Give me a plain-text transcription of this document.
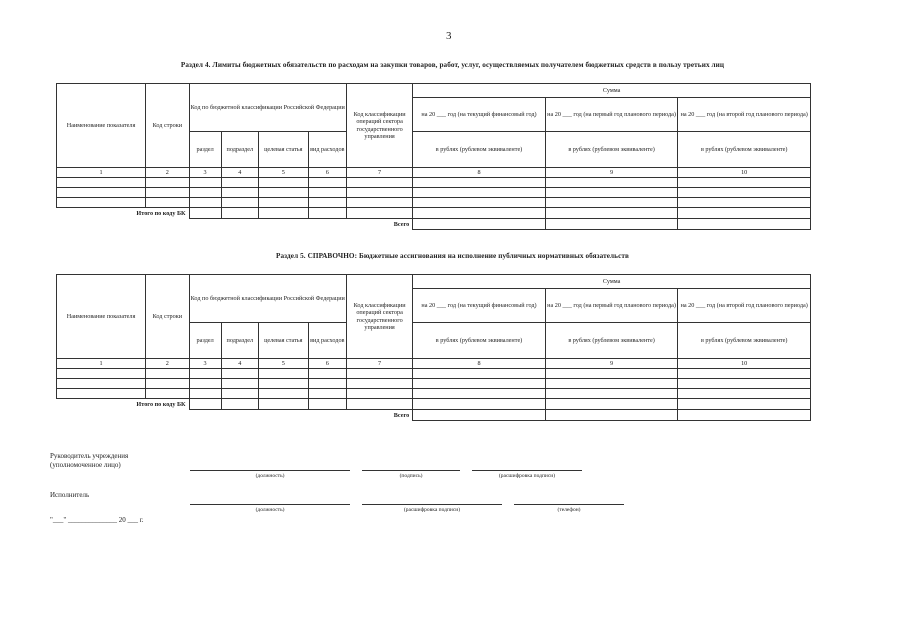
3
Раздел 4. Лимиты бюджетных обязательств по расходам на закупки товаров, работ, услуг, осуществляемых получателем бюджетных средств в пользу третьих лиц
Наименование показателя	Код строки	Код по бюджетной классификации Российской Федерации				Код классификации операций сектора государственного управления	Сумма		
							на 20 ___ год (на текущий финансовый год)	на 20 ___ год (на первый год планового периода)	на 20 ___ год (на второй год планового периода)
		раздел	подраздел	целевая статья	вид расходов		в рублях (рублевом эквиваленте)	в рублях (рублевом эквиваленте)	в рублях (рублевом эквиваленте)
1	2	3	4	5	6	7	8	9	10

Итого по коду БК									
Всего									
Раздел 5. СПРАВОЧНО: Бюджетные ассигнования на исполнение публичных нормативных обязательств
Наименование показателя	Код строки	Код по бюджетной классификации Российской Федерации				Код классификации операций сектора государственного управления	Сумма		
							на 20 ___ год (на текущий финансовый год)	на 20 ___ год (на первый год планового периода)	на 20 ___ год (на второй год планового периода)
		раздел	подраздел	целевая статья	вид расходов		в рублях (рублевом эквиваленте)	в рублях (рублевом эквиваленте)	в рублях (рублевом эквиваленте)
1	2	3	4	5	6	7	8	9	10

Итого по коду БК									
Всего									
Руководитель учреждения
(уполномоченное лицо)
(должность)	(подпись)	(расшифровка подписи)
Исполнитель
(должность)	(расшифровка подписи)	(телефон)
"___" ______________ 20 ___ г.
